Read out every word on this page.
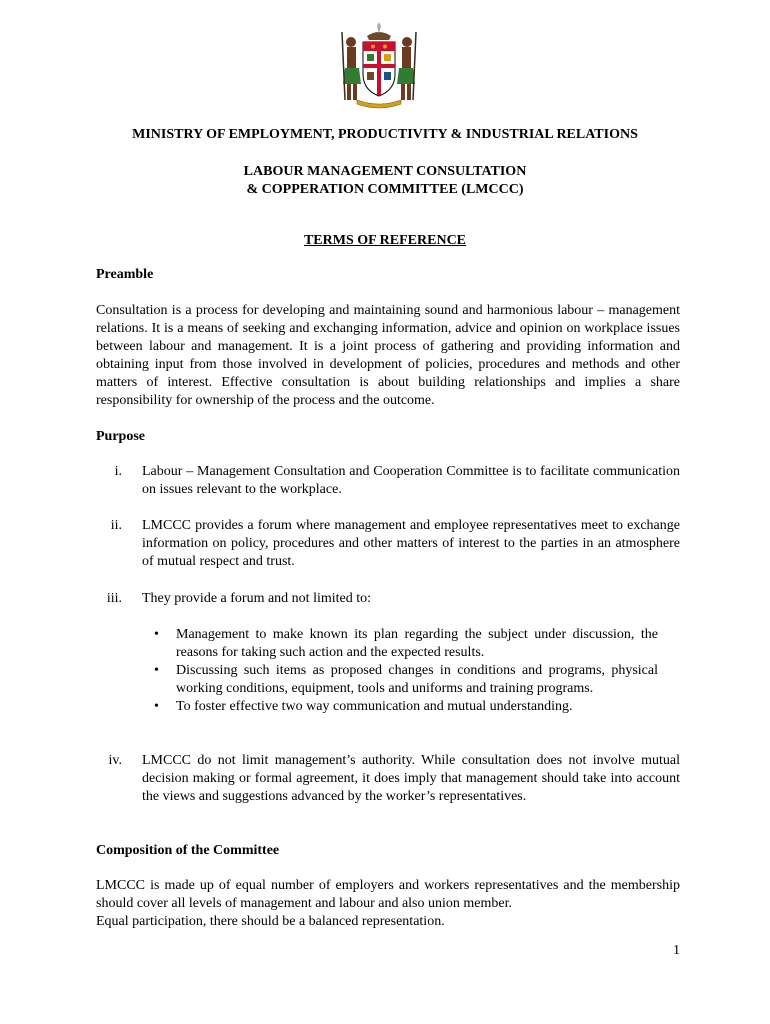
MINISTRY OF EMPLOYMENT, PRODUCTIVITY & INDUSTRIAL RELATIONS
LABOUR MANAGEMENT CONSULTATION
& COPPERATION COMMITTEE (LMCCC)
TERMS OF REFERENCE
Preamble
Consultation is a process for developing and maintaining sound and harmonious labour – management relations. It is a means of seeking and exchanging information, advice and opinion on workplace issues between labour and management. It is a joint process of gathering and providing information and obtaining input from those involved in development of policies, procedures and methods and other matters of interest. Effective consultation is about building relationships and implies a share responsibility for ownership of the process and the outcome.
Purpose
i. Labour – Management Consultation and Cooperation Committee is to facilitate communication on issues relevant to the workplace.
ii. LMCCC provides a forum where management and employee representatives meet to exchange information on policy, procedures and other matters of interest to the parties in an atmosphere of mutual respect and trust.
iii. They provide a forum and not limited to:
• Management to make known its plan regarding the subject under discussion, the reasons for taking such action and the expected results.
• Discussing such items as proposed changes in conditions and programs, physical working conditions, equipment, tools and uniforms and training programs.
• To foster effective two way communication and mutual understanding.
iv. LMCCC do not limit management’s authority. While consultation does not involve mutual decision making or formal agreement, it does imply that management should take into account the views and suggestions advanced by the worker’s representatives.
Composition of the Committee
LMCCC is made up of equal number of employers and workers representatives and the membership should cover all levels of management and labour and also union member.
Equal participation, there should be a balanced representation.
1
